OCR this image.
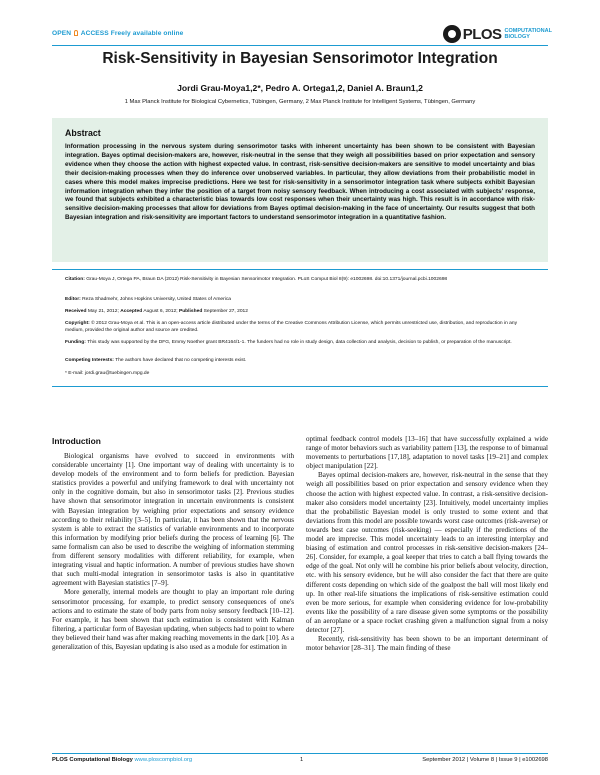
OPEN ACCESS Freely available online	PLOS COMPUTATIONAL
BIOLOGY
Risk-Sensitivity in Bayesian Sensorimotor Integration
Jordi Grau-Moya1,2*, Pedro A. Ortega1,2, Daniel A. Braun1,2
1 Max Planck Institute for Biological Cybernetics, Tübingen, Germany, 2 Max Planck Institute for Intelligent Systems, Tübingen, Germany
Abstract
Information processing in the nervous system during sensorimotor tasks with inherent uncertainty has been shown to be consistent with Bayesian integration. Bayes optimal decision-makers are, however, risk-neutral in the sense that they weigh all possibilities based on prior expectation and sensory evidence when they choose the action with highest expected value. In contrast, risk-sensitive decision-makers are sensitive to model uncertainty and bias their decision-making processes when they do inference over unobserved variables. In particular, they allow deviations from their probabilistic model in cases where this model makes imprecise predictions. Here we test for risk-sensitivity in a sensorimotor integration task where subjects exhibit Bayesian information integration when they infer the position of a target from noisy sensory feedback. When introducing a cost associated with subjects' response, we found that subjects exhibited a characteristic bias towards low cost responses when their uncertainty was high. This result is in accordance with risk-sensitive decision-making processes that allow for deviations from Bayes optimal decision-making in the face of uncertainty. Our results suggest that both Bayesian integration and risk-sensitivity are important factors to understand sensorimotor integration in a quantitative fashion.
Citation: Grau-Moya J, Ortega PA, Braun DA (2012) Risk-Sensitivity in Bayesian Sensorimotor Integration. PLoS Comput Biol 8(9): e1002698. doi:10.1371/journal.pcbi.1002698
Editor: Reza Shadmehr, Johns Hopkins University, United States of America
Received May 21, 2012; Accepted August 6, 2012; Published September 27, 2012
Copyright: © 2012 Grau-Moya et al. This is an open-access article distributed under the terms of the Creative Commons Attribution License, which permits unrestricted use, distribution, and reproduction in any medium, provided the original author and source are credited.
Funding: This study was supported by the DFG, Emmy Noether grant BR4164/1-1. The funders had no role in study design, data collection and analysis, decision to publish, or preparation of the manuscript.
Competing Interests: The authors have declared that no competing interests exist.
* E-mail: jordi.grau@tuebingen.mpg.de
Introduction

Biological organisms have evolved to succeed in environments with considerable uncertainty [1]. One important way of dealing with uncertainty is to develop models of the environment and to form beliefs for prediction. Bayesian statistics provides a powerful and unifying framework to deal with uncertainty not only in the cognitive domain, but also in sensorimotor tasks [2]. Previous studies have shown that sensorimotor integration in uncertain environments is consistent with Bayesian integration by weighing prior expectations and sensory evidence according to their reliability [3–5]. In particular, it has been shown that the nervous system is able to extract the statistics of variable environments and to incorporate this information by modifying prior beliefs during the process of learning [6]. The same formalism can also be used to describe the weighing of information stemming from different sensory modalities with different reliability, for example, when integrating visual and haptic information. A number of previous studies have shown that such multi-modal integration in sensorimotor tasks is also in quantitative agreement with Bayesian statistics [7–9].

More generally, internal models are thought to play an important role during sensorimotor processing, for example, to predict sensory consequences of one's actions and to estimate the state of body parts from noisy sensory feedback [10–12]. For example, it has been shown that such estimation is consistent with Kalman filtering, a particular form of Bayesian updating, when subjects had to point to where they believed their hand was after making reaching movements in the dark [10]. As a generalization of this, Bayesian updating is also used as a module for estimation in

optimal feedback control models [13–16] that have successfully explained a wide range of motor behaviors such as variability pattern [13], the response to of bimanual movements to perturbations [17,18], adaptation to novel tasks [19–21] and complex object manipulation [22].

Bayes optimal decision-makers are, however, risk-neutral in the sense that they weigh all possibilities based on prior expectation and sensory evidence when they choose the action with highest expected value. In contrast, a risk-sensitive decision-maker also considers model uncertainty [23]. Intuitively, model uncertainty implies that the probabilistic Bayesian model is only trusted to some extent and that deviations from this model are possible towards worst case outcomes (risk-averse) or towards best case outcomes (risk-seeking) — especially if the predictions of the model are imprecise. This model uncertainty leads to an interesting interplay and biasing of estimation and control processes in risk-sensitive decision-makers [24–26]. Consider, for example, a goal keeper that tries to catch a ball flying towards the edge of the goal. Not only will he combine his prior beliefs about velocity, direction, etc. with his sensory evidence, but he will also consider the fact that there are quite different costs depending on which side of the goalpost the ball will most likely end up. In other real-life situations the implications of risk-sensitive estimation could even be more serious, for example when considering evidence for low-probability events like the possibility of a rare disease given some symptoms or the possibility of an aeroplane or a space rocket crashing given a malfunction signal from a noisy detector [27].

Recently, risk-sensitivity has been shown to be an important determinant of motor behavior [28–31]. The main finding of these

PLOS Computational Biology www.ploscompbiol.org	1	September 2012 | Volume 8 | Issue 9 | e1002698
